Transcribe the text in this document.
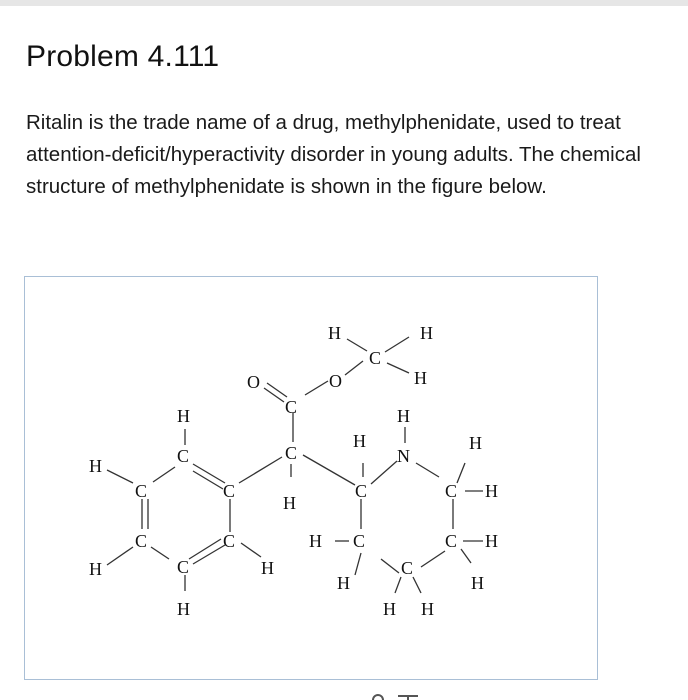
Problem 4.111

Ritalin is the trade name of a drug, methylphenidate, used to treat attention-deficit/hyperactivity disorder in young adults. The chemical structure of methylphenidate is shown in the figure below.

H	H
C
H
O
O
C
H	H
H
H
C	C	N
H
C	C	C	C H
H
C	C	H C	C H
H	C	H	C
H	H
H	H H
